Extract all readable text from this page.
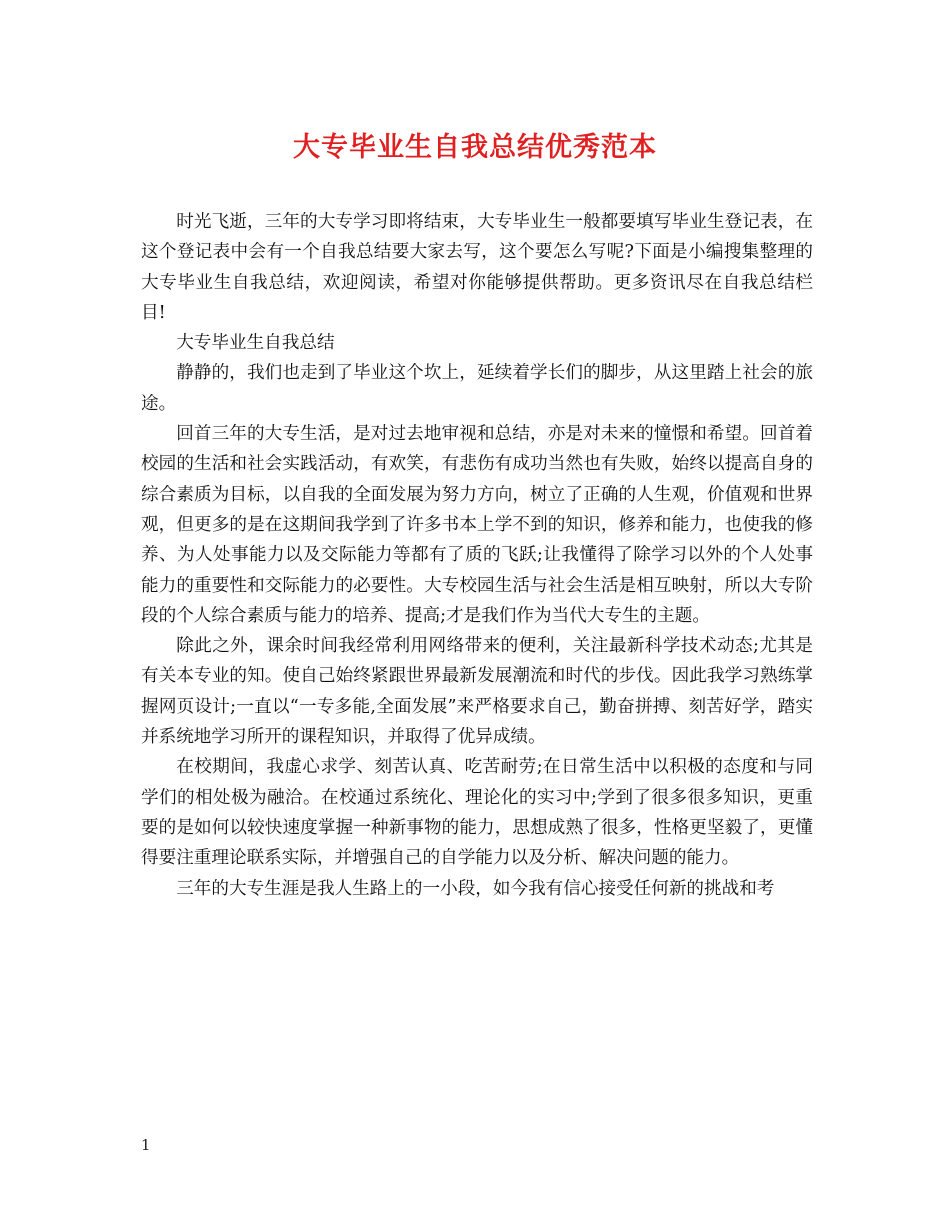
大专毕业生自我总结优秀范本

时光飞逝，三年的大专学习即将结束，大专毕业生一般都要填写毕业生登记表，在这个登记表中会有一个自我总结要大家去写，这个要怎么写呢?下面是小编搜集整理的大专毕业生自我总结，欢迎阅读，希望对你能够提供帮助。更多资讯尽在自我总结栏目!

大专毕业生自我总结

静静的，我们也走到了毕业这个坎上，延续着学长们的脚步，从这里踏上社会的旅途。

回首三年的大专生活，是对过去地审视和总结，亦是对未来的憧憬和希望。回首着校园的生活和社会实践活动，有欢笑，有悲伤有成功当然也有失败，始终以提高自身的综合素质为目标，以自我的全面发展为努力方向，树立了正确的人生观，价值观和世界观，但更多的是在这期间我学到了许多书本上学不到的知识，修养和能力，也使我的修养、为人处事能力以及交际能力等都有了质的飞跃;让我懂得了除学习以外的个人处事能力的重要性和交际能力的必要性。大专校园生活与社会生活是相互映射，所以大专阶段的个人综合素质与能力的培养、提高;才是我们作为当代大专生的主题。

除此之外，课余时间我经常利用网络带来的便利，关注最新科学技术动态;尤其是有关本专业的知。使自己始终紧跟世界最新发展潮流和时代的步伐。因此我学习熟练掌握网页设计;一直以“一专多能,全面发展”来严格要求自己，勤奋拼搏、刻苦好学，踏实并系统地学习所开的课程知识，并取得了优异成绩。

在校期间，我虚心求学、刻苦认真、吃苦耐劳;在日常生活中以积极的态度和与同学们的相处极为融洽。在校通过系统化、理论化的实习中;学到了很多很多知识，更重要的是如何以较快速度掌握一种新事物的能力，思想成熟了很多，性格更坚毅了，更懂得要注重理论联系实际，并增强自己的自学能力以及分析、解决问题的能力。

三年的大专生涯是我人生路上的一小段，如今我有信心接受任何新的挑战和考

1
